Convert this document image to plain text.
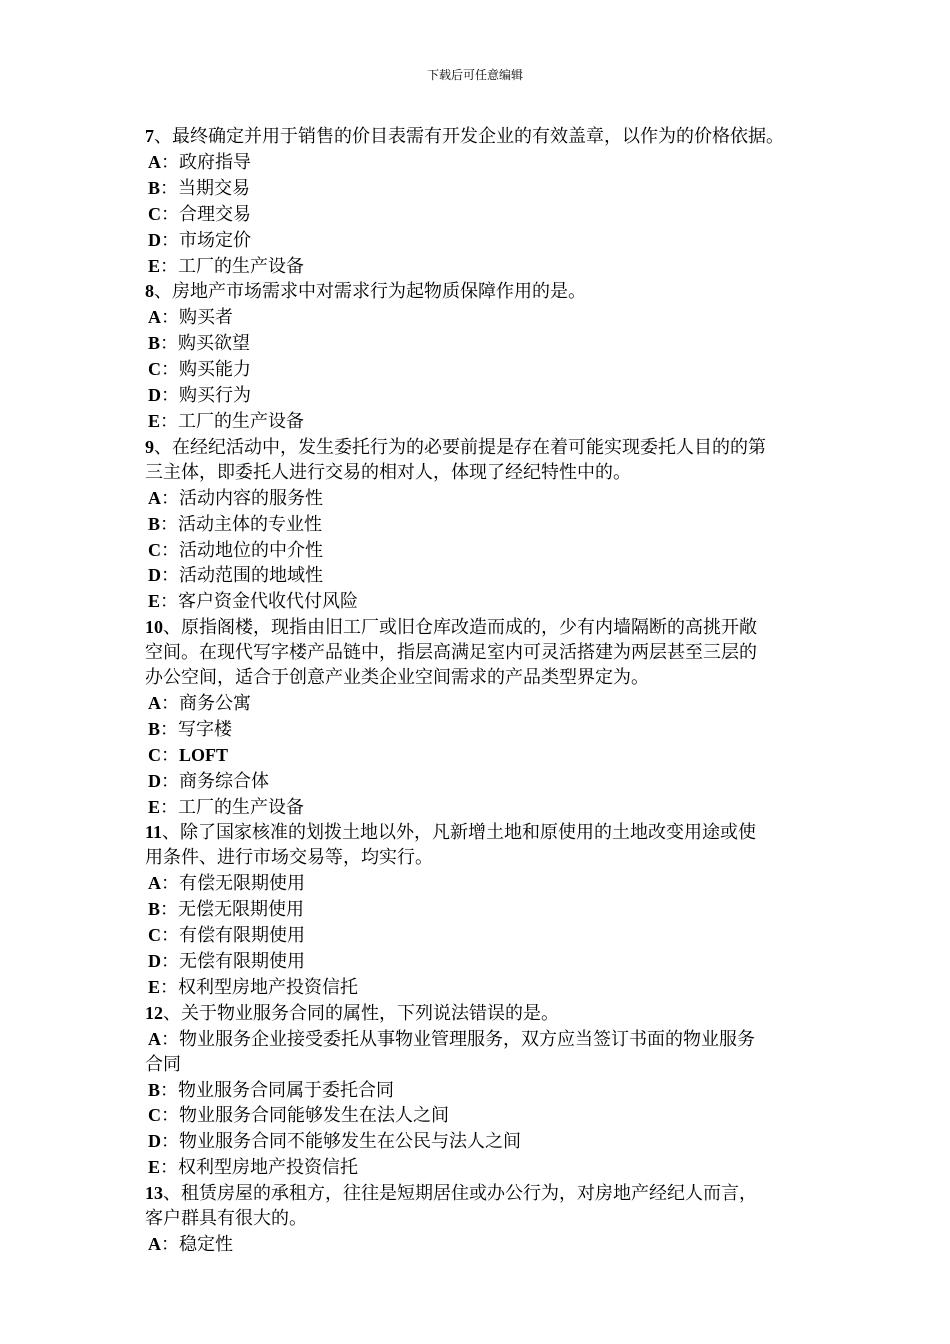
下载后可任意编辑
7、最终确定并用于销售的价目表需有开发企业的有效盖章，以作为的价格依据。
A：政府指导
B：当期交易
C：合理交易
D：市场定价
E：工厂的生产设备
8、房地产市场需求中对需求行为起物质保障作用的是。
A：购买者
B：购买欲望
C：购买能力
D：购买行为
E：工厂的生产设备
9、在经纪活动中，发生委托行为的必要前提是存在着可能实现委托人目的的第
三主体，即委托人进行交易的相对人，体现了经纪特性中的。
A：活动内容的服务性
B：活动主体的专业性
C：活动地位的中介性
D：活动范围的地域性
E：客户资金代收代付风险
10、原指阁楼，现指由旧工厂或旧仓库改造而成的，少有内墙隔断的高挑开敞
空间。在现代写字楼产品链中，指层高满足室内可灵活搭建为两层甚至三层的
办公空间，适合于创意产业类企业空间需求的产品类型界定为。
A：商务公寓
B：写字楼
C：LOFT
D：商务综合体
E：工厂的生产设备
11、除了国家核准的划拨土地以外，凡新增土地和原使用的土地改变用途或使
用条件、进行市场交易等，均实行。
A：有偿无限期使用
B：无偿无限期使用
C：有偿有限期使用
D：无偿有限期使用
E：权利型房地产投资信托
12、关于物业服务合同的属性，下列说法错误的是。
A：物业服务企业接受委托从事物业管理服务，双方应当签订书面的物业服务
合同
B：物业服务合同属于委托合同
C：物业服务合同能够发生在法人之间
D：物业服务合同不能够发生在公民与法人之间
E：权利型房地产投资信托
13、租赁房屋的承租方，往往是短期居住或办公行为，对房地产经纪人而言，
客户群具有很大的。
A：稳定性
